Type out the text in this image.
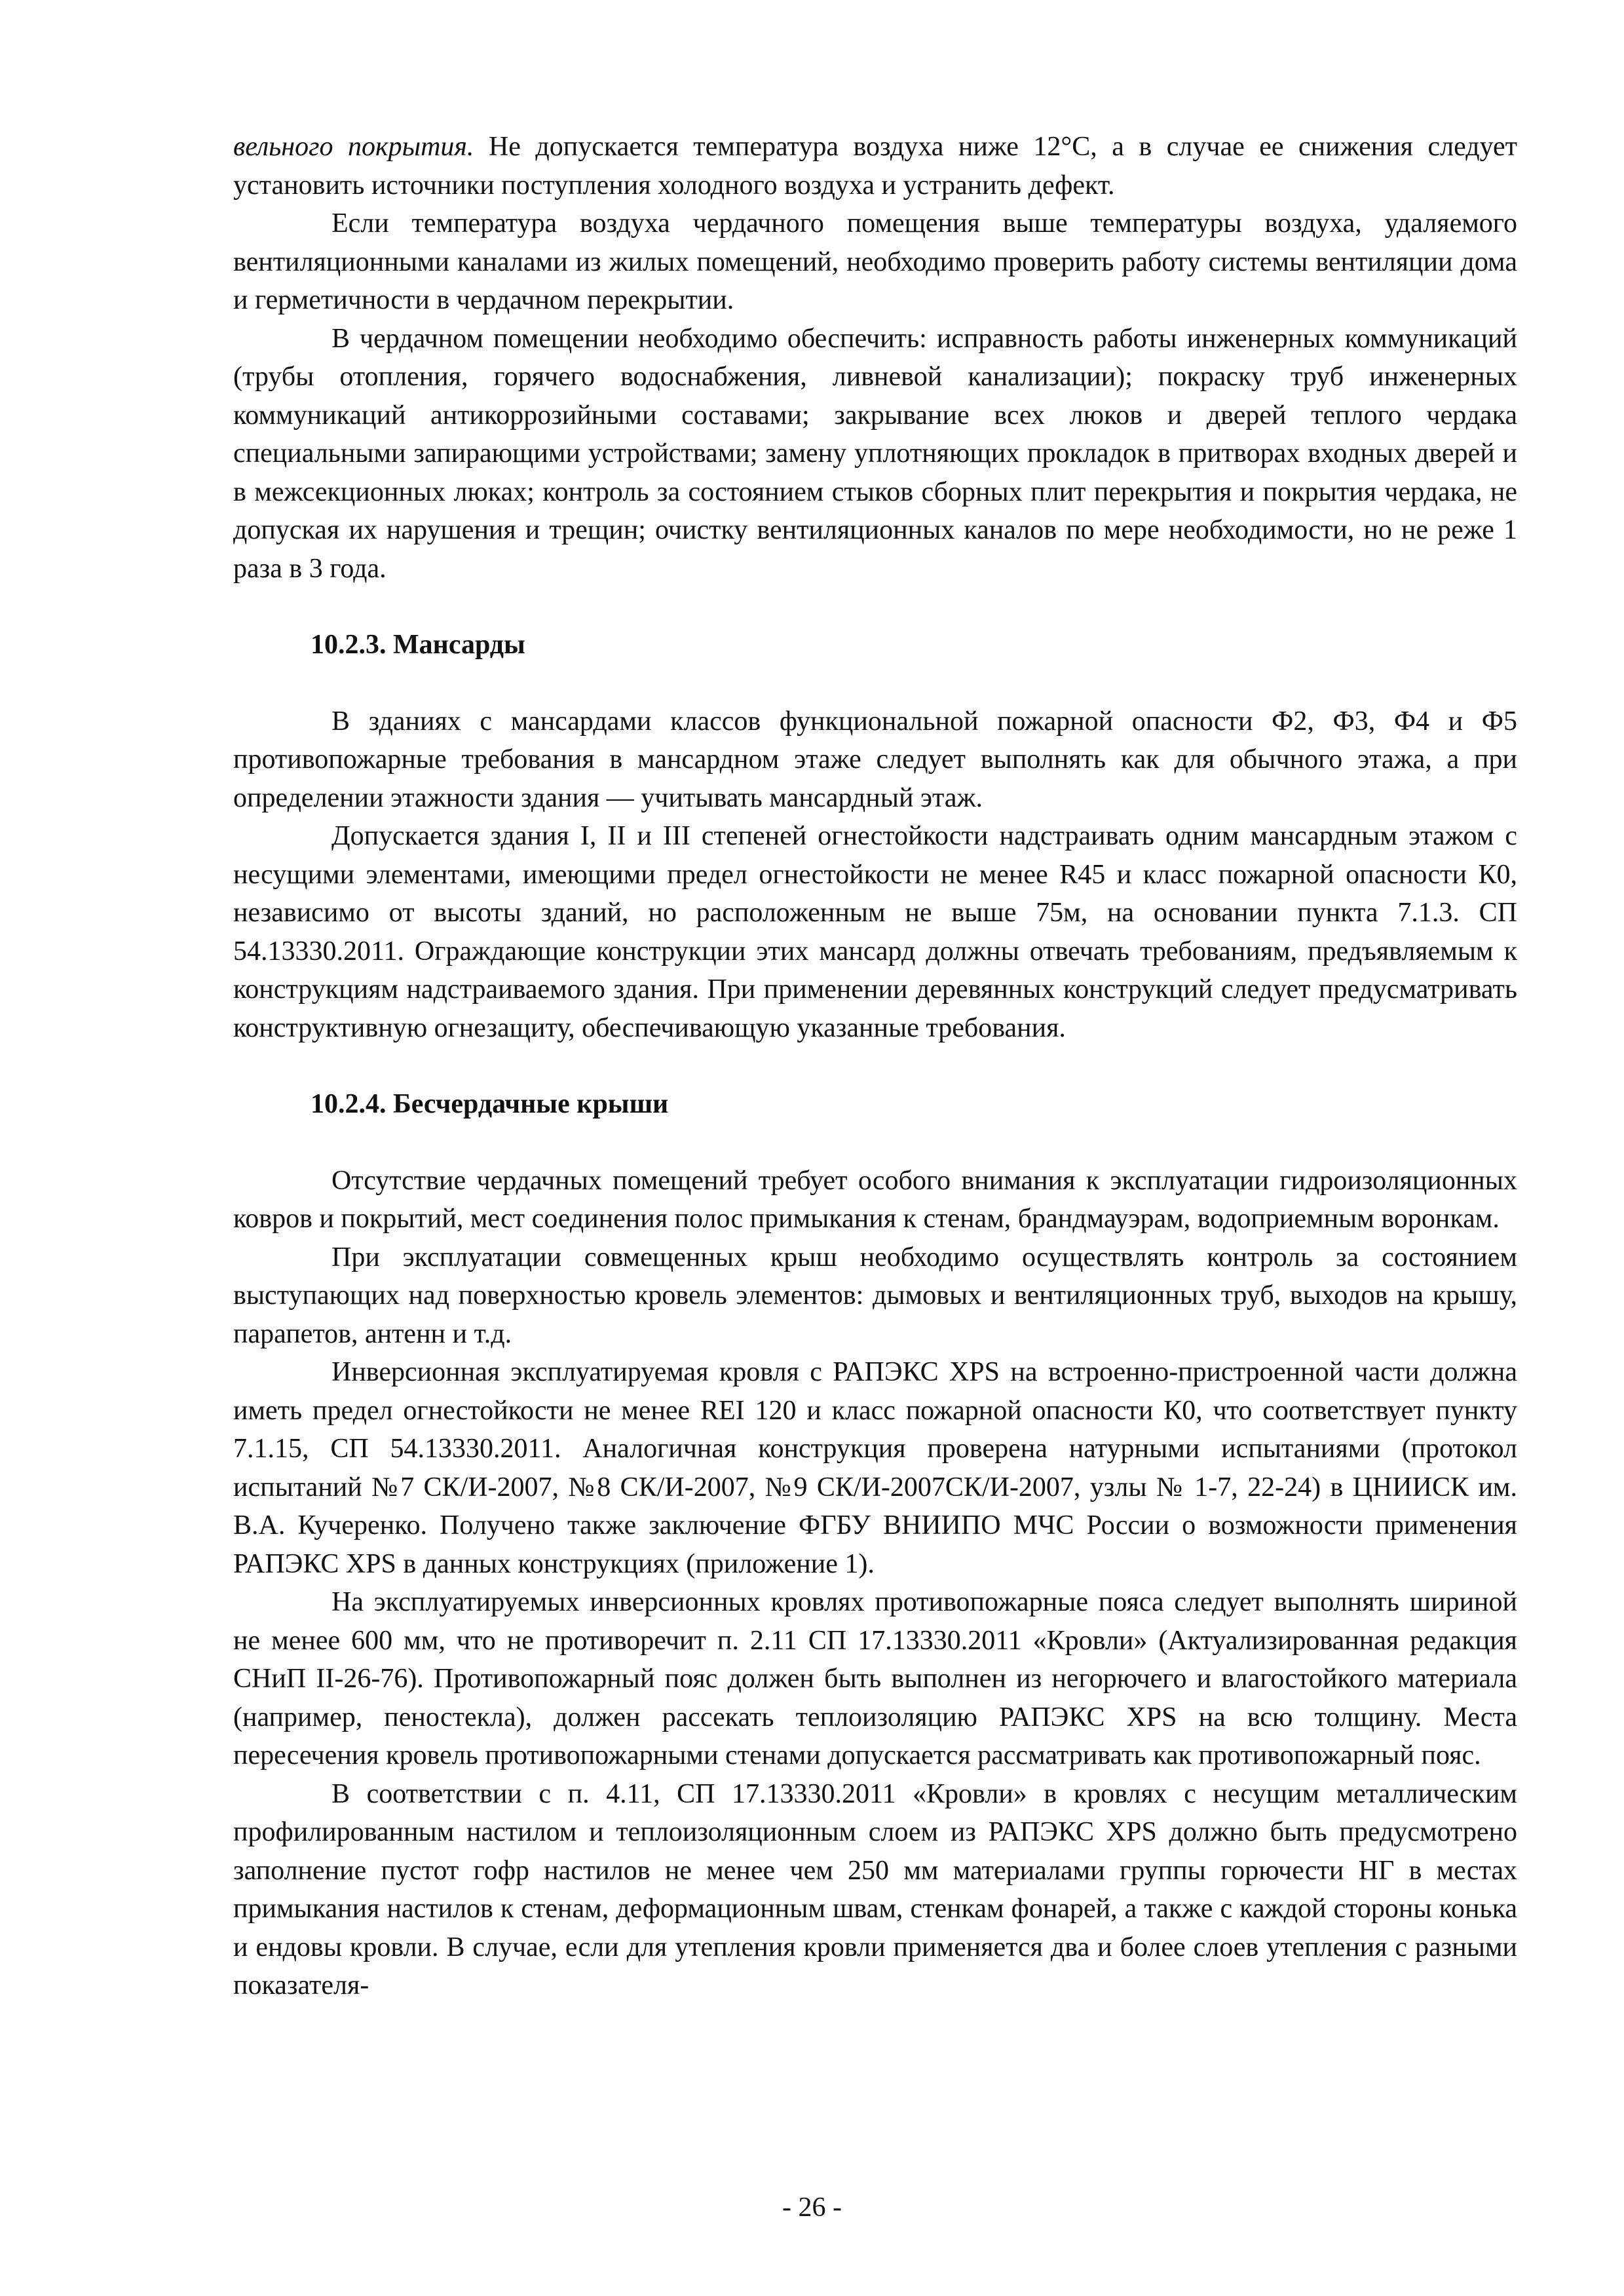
вельного покрытия. Не допускается температура воздуха ниже 12°С, а в случае ее снижения следует установить источники поступления холодного воздуха и устранить дефект.

Если температура воздуха чердачного помещения выше температуры воздуха, удаляемого вентиляционными каналами из жилых помещений, необходимо проверить работу системы вентиляции дома и герметичности в чердачном перекрытии.

В чердачном помещении необходимо обеспечить: исправность работы инженерных коммуникаций (трубы отопления, горячего водоснабжения, ливневой канализации); покраску труб инженерных коммуникаций антикоррозийными составами; закрывание всех люков и дверей теплого чердака специальными запирающими устройствами; замену уплотняющих прокладок в притворах входных дверей и в межсекционных люках; контроль за состоянием стыков сборных плит перекрытия и покрытия чердака, не допуская их нарушения и трещин; очистку вентиляционных каналов по мере необходимости, но не реже 1 раза в 3 года.

10.2.3. Мансарды

В зданиях с мансардами классов функциональной пожарной опасности Ф2, Ф3, Ф4 и Ф5 противопожарные требования в мансардном этаже следует выполнять как для обычного этажа, а при определении этажности здания — учитывать мансардный этаж.

Допускается здания I, II и III степеней огнестойкости надстраивать одним мансардным этажом с несущими элементами, имеющими предел огнестойкости не менее R45 и класс пожарной опасности К0, независимо от высоты зданий, но расположенным не выше 75м, на основании пункта 7.1.3. СП 54.13330.2011. Ограждающие конструкции этих мансард должны отвечать требованиям, предъявляемым к конструкциям надстраиваемого здания. При применении деревянных конструкций следует предусматривать конструктивную огнезащиту, обеспечивающую указанные требования.

10.2.4. Бесчердачные крыши

Отсутствие чердачных помещений требует особого внимания к эксплуатации гидроизоляционных ковров и покрытий, мест соединения полос примыкания к стенам, брандмауэрам, водоприемным воронкам.

При эксплуатации совмещенных крыш необходимо осуществлять контроль за состоянием выступающих над поверхностью кровель элементов: дымовых и вентиляционных труб, выходов на крышу, парапетов, антенн и т.д.

Инверсионная эксплуатируемая кровля с РАПЭКС XPS на встроенно-пристроенной части должна иметь предел огнестойкости не менее REI 120 и класс пожарной опасности К0, что соответствует пункту 7.1.15, СП 54.13330.2011. Аналогичная конструкция проверена натурными испытаниями (протокол испытаний №7 СК/И-2007, №8 СК/И-2007, №9 СК/И-2007СК/И-2007, узлы № 1-7, 22-24) в ЦНИИСК им. В.А. Кучеренко. Получено также заключение ФГБУ ВНИИПО МЧС России о возможности применения РАПЭКС XPS в данных конструкциях (приложение 1).

На эксплуатируемых инверсионных кровлях противопожарные пояса следует выполнять шириной не менее 600 мм, что не противоречит п. 2.11 СП 17.13330.2011 «Кровли» (Актуализированная редакция СНиП II-26-76). Противопожарный пояс должен быть выполнен из негорючего и влагостойкого материала (например, пеностекла), должен рассекать теплоизоляцию РАПЭКС XPS на всю толщину. Места пересечения кровель противопожарными стенами допускается рассматривать как противопожарный пояс.

В соответствии с п. 4.11, СП 17.13330.2011 «Кровли» в кровлях с несущим металлическим профилированным настилом и теплоизоляционным слоем из РАПЭКС XPS должно быть предусмотрено заполнение пустот гофр настилов не менее чем 250 мм материалами группы горючести НГ в местах примыкания настилов к стенам, деформационным швам, стенкам фонарей, а также с каждой стороны конька и ендовы кровли. В случае, если для утепления кровли применяется два и более слоев утепления с разными показателя-

- 26 -
